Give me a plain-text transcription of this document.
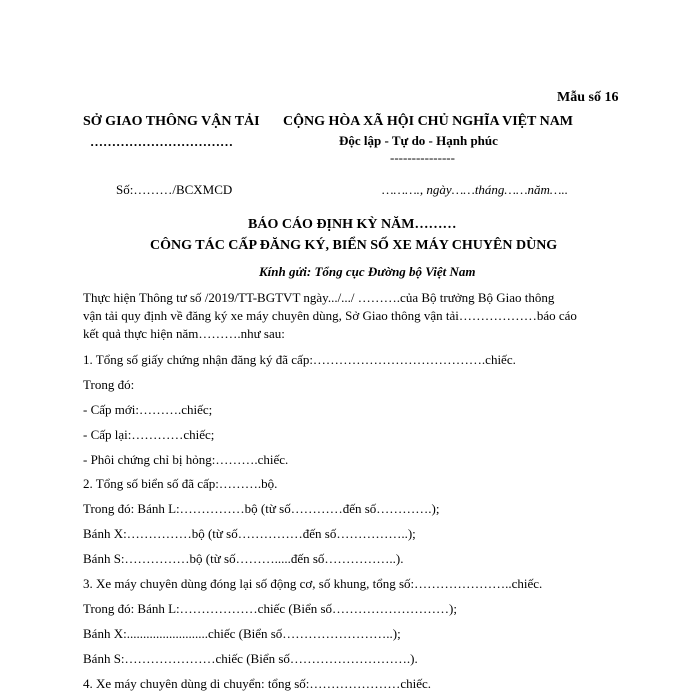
Mẫu số 16
SỞ GIAO THÔNG VẬN TẢI
……………………………
CỘNG HÒA XÃ HỘI CHỦ NGHĨA VIỆT NAM
Độc lập - Tự do - Hạnh phúc
---------------
Số:………/BCXMCD	………., ngày……tháng……năm…..
BÁO CÁO ĐỊNH KỲ NĂM………
CÔNG TÁC CẤP ĐĂNG KÝ, BIỂN SỐ XE MÁY CHUYÊN DÙNG
Kính gửi: Tổng cục Đường bộ Việt Nam
Thực hiện Thông tư số /2019/TT-BGTVT ngày.../.../ ……….của Bộ trưởng Bộ Giao thông
vận tải quy định về đăng ký xe máy chuyên dùng, Sở Giao thông vận tải………………báo cáo
kết quả thực hiện năm……….như sau:
1. Tổng số giấy chứng nhận đăng ký đã cấp:………………………………….chiếc.
Trong đó:
- Cấp mới:……….chiếc;
- Cấp lại:…………chiếc;
- Phôi chứng chỉ bị hỏng:……….chiếc.
2. Tổng số biển số đã cấp:……….bộ.
Trong đó: Bánh L:……………bộ (từ số…………đến số………….);
Bánh X:……………bộ (từ số……………đến số……………..);
Bánh S:……………bộ (từ số……….....đến số……………..).
3. Xe máy chuyên dùng đóng lại số động cơ, số khung, tổng số:…………………..chiếc.
Trong đó: Bánh L:………………chiếc (Biển số………………………);
Bánh X:.........................chiếc (Biển số……………………..);
Bánh S:…………………chiếc (Biển số……………………….).
4. Xe máy chuyên dùng di chuyển: tổng số:…………………chiếc.
